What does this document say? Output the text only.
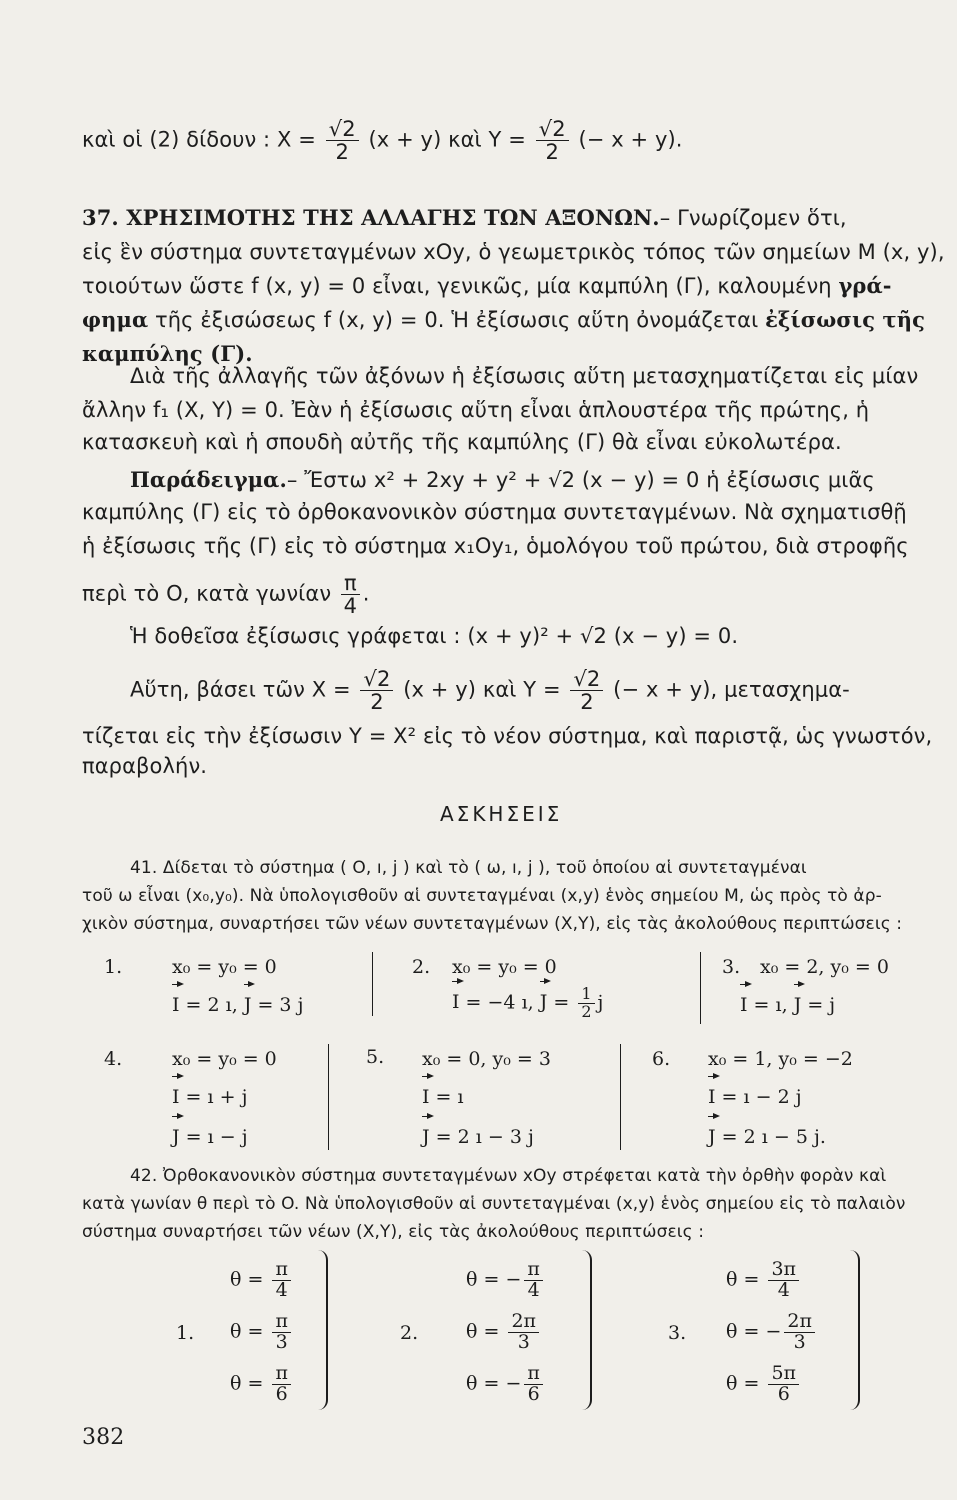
καὶ οἱ (2) δίδουν : $X = \frac{√2}{2} (x + y)$ καὶ $Y = \frac{√2}{2}$ (− x + y).
37. ΧΡΗΣΙΜΟΤΗΣ ΤΗΣ ΑΛΛΑΓΗΣ ΤΩΝ ΑΞΟΝΩΝ.– Γνωρίζομεν ὅτι,
εἰς ἓν σύστημα συντεταγμένων xOy, ὁ γεωμετρικὸς τόπος τῶν σημείων M (x, y),
τοιούτων ὥστε f (x, y) = 0 εἶναι, γενικῶς, μία καμπύλη (Γ), καλουμένη γρά-
φημα τῆς ἐξισώσεως f (x, y) = 0. Ἡ ἐξίσωσις αὕτη ὀνομάζεται ἐξίσωσις τῆς
καμπύλης (Γ).
Διὰ τῆς ἀλλαγῆς τῶν ἀξόνων ἡ ἐξίσωσις αὕτη μετασχηματίζεται εἰς μίαν
ἄλλην f₁ (X, Y) = 0. Ἐὰν ἡ ἐξίσωσις αὕτη εἶναι ἁπλουστέρα τῆς πρώτης, ἡ
κατασκευὴ καὶ ἡ σπουδὴ αὐτῆς τῆς καμπύλης (Γ) θὰ εἶναι εὐκολωτέρα.
Παράδειγμα.– Ἔστω x² + 2xy + y² + √2 (x − y) = 0 ἡ ἐξίσωσις μιᾶς
καμπύλης (Γ) εἰς τὸ ὀρθοκανονικὸν σύστημα συντεταγμένων. Νὰ σχηματισθῇ
ἡ ἐξίσωσις τῆς (Γ) εἰς τὸ σύστημα x₁Oy₁, ὁμολόγου τοῦ πρώτου, διὰ στροφῆς
περὶ τὸ O, κατὰ γωνίαν $\frac{\pi}{4}$ .
Ἡ δοθεῖσα ἐξίσωσις γράφεται : (x + y)² + √2 (x − y) = 0.
Αὕτη, βάσει τῶν $X = \frac{√2}{2} (x + y)$ καὶ $Y = \frac{√2}{2}$ (− x + y), μετασχημα-
τίζεται εἰς τὴν ἐξίσωσιν Y = X² εἰς τὸ νέον σύστημα, καὶ παριστᾷ, ὡς γνωστόν,
παραβολήν.
ΑΣΚΗΣΕΙΣ
41. Δίδεται τὸ σύστημα ( O, ı, j ) καὶ τὸ ( ω, ı, j ), τοῦ ὁποίου αἱ συντεταγμέναι
τοῦ ω εἶναι (x₀,y₀). Νὰ ὑπολογισθοῦν αἱ συντεταγμέναι (x,y) ἑνὸς σημείου M, ὡς πρὸς τὸ ἀρ-
χικὸν σύστημα, συναρτήσει τῶν νέων συντεταγμένων (X,Y), εἰς τὰς ἀκολούθους περιπτώσεις :
1.	x₀ = y₀ = 0
I = 2 ı, J = 3 j
2. x₀ = y₀ = 0
I = −4 ı, $J = \frac{1}{2}$ j
3. x₀ = 2, y₀ = 0
I = ı, J = j
4.	x₀ = y₀ = 0
I = ı + j
J = ı − j
5. x₀ = 0, y₀ = 3
I = ı
J = 2 ı − 3 j
6. x₀ = 1, y₀ = −2
I = ı − 2 j
J = 2 ı − 5 j.
42. Ὀρθοκανονικὸν σύστημα συντεταγμένων xOy στρέφεται κατὰ τὴν ὀρθὴν φορὰν καὶ
κατὰ γωνίαν θ περὶ τὸ O. Νὰ ὑπολογισθοῦν αἱ συντεταγμέναι (x,y) ἑνὸς σημείου εἰς τὸ παλαιὸν
σύστημα συναρτήσει τῶν νέων (X,Y), εἰς τὰς ἀκολούθους περιπτώσεις :
1.
$\theta = \frac{\pi}{4}$
$\theta = \frac{\pi}{3}$
$\theta = \frac{\pi}{6}$
2.
θ = − $\frac{\pi}{4}$
$\theta = \frac{2\pi}{3}$
θ = − $\frac{\pi}{6}$
3.
$\theta = \frac{3\pi}{4}$
θ = − $\frac{2\pi}{3}$
$\theta = \frac{5\pi}{6}$
382
